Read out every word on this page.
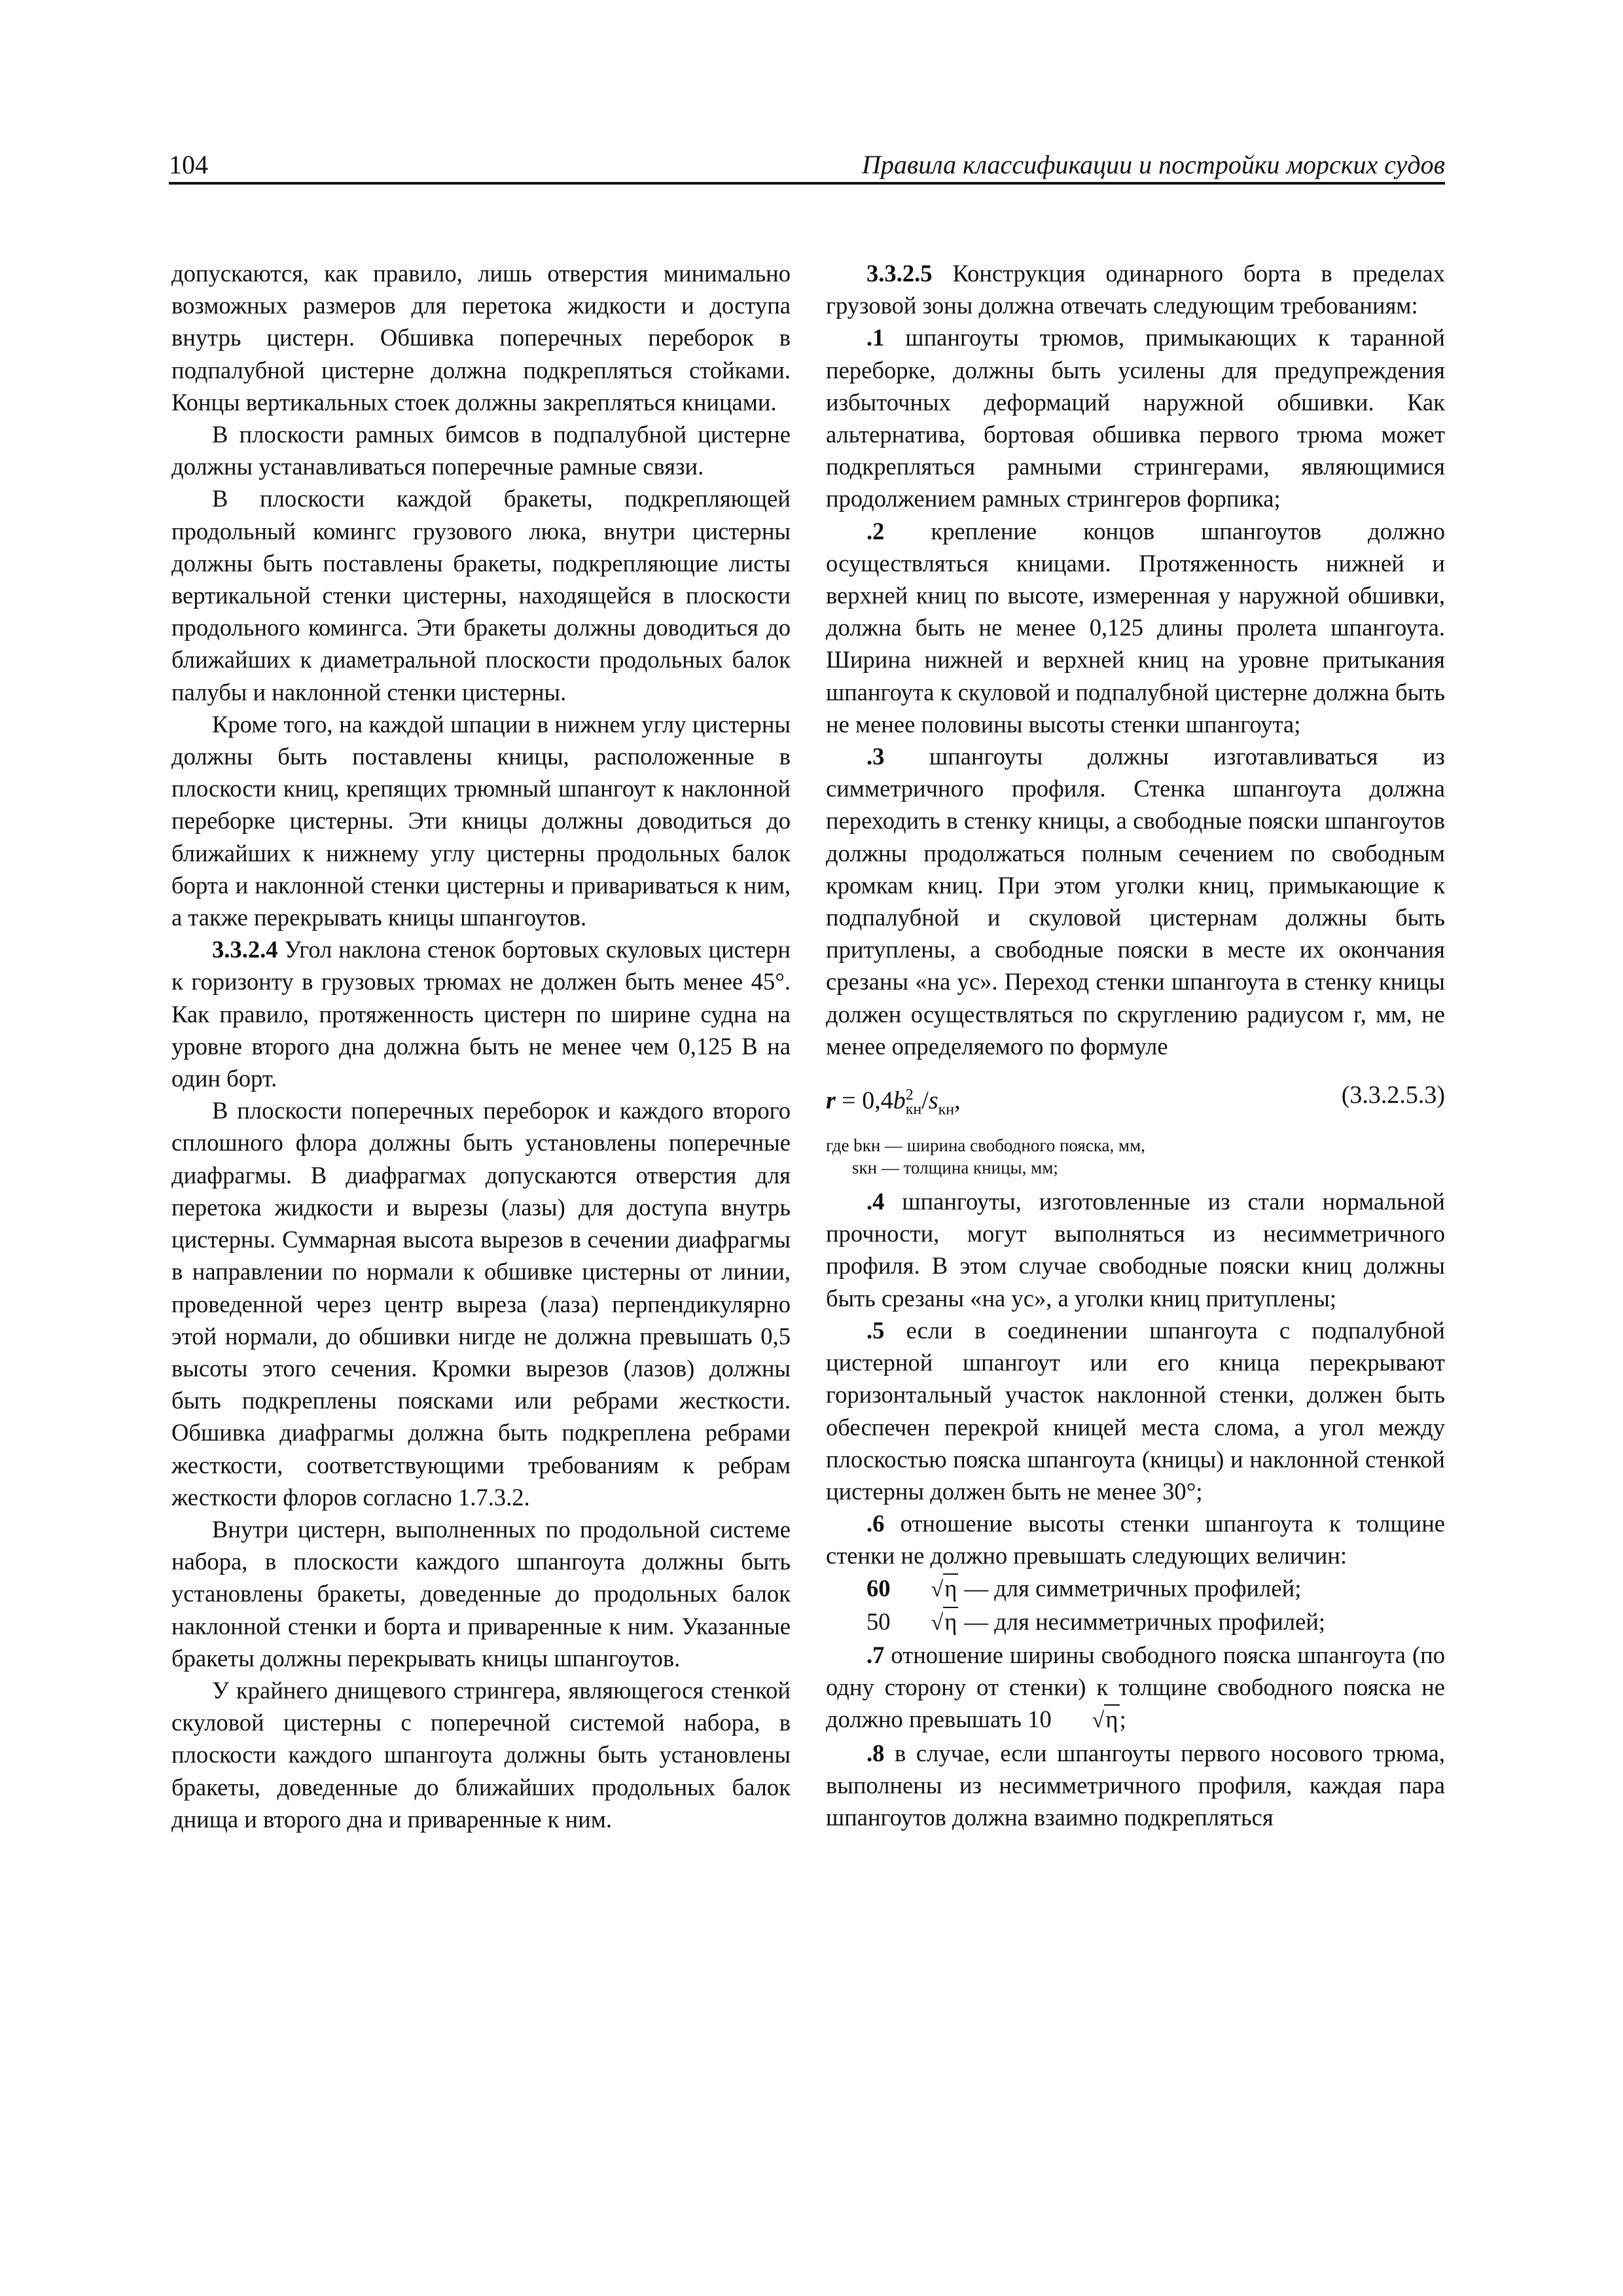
104	Правила классификации и постройки морских судов

допускаются, как правило, лишь отверстия минимально возможных размеров для перетока жидкости и доступа внутрь цистерн. Обшивка поперечных переборок в подпалубной цистерне должна подкрепляться стойками. Концы вертикальных стоек должны закрепляться кницами.

В плоскости рамных бимсов в подпалубной цистерне должны устанавливаться поперечные рамные связи.

В плоскости каждой бракеты, подкрепляющей продольный комингс грузового люка, внутри цистерны должны быть поставлены бракеты, подкрепляющие листы вертикальной стенки цистерны, находящейся в плоскости продольного комингса. Эти бракеты должны доводиться до ближайших к диаметральной плоскости продольных балок палубы и наклонной стенки цистерны.

Кроме того, на каждой шпации в нижнем углу цистерны должны быть поставлены кницы, расположенные в плоскости книц, крепящих трюмный шпангоут к наклонной переборке цистерны. Эти кницы должны доводиться до ближайших к нижнему углу цистерны продольных балок борта и наклонной стенки цистерны и привариваться к ним, а также перекрывать кницы шпангоутов.

3.3.2.4 Угол наклона стенок бортовых скуловых цистерн к горизонту в грузовых трюмах не должен быть менее 45°. Как правило, протяженность цистерн по ширине судна на уровне второго дна должна быть не менее чем 0,125 B на один борт.

В плоскости поперечных переборок и каждого второго сплошного флора должны быть установлены поперечные диафрагмы. В диафрагмах допускаются отверстия для перетока жидкости и вырезы (лазы) для доступа внутрь цистерны. Суммарная высота вырезов в сечении диафрагмы в направлении по нормали к обшивке цистерны от линии, проведенной через центр выреза (лаза) перпендикулярно этой нормали, до обшивки нигде не должна превышать 0,5 высоты этого сечения. Кромки вырезов (лазов) должны быть подкреплены поясками или ребрами жесткости. Обшивка диафрагмы должна быть подкреплена ребрами жесткости, соответствующими требованиям к ребрам жесткости флоров согласно 1.7.3.2.

Внутри цистерн, выполненных по продольной системе набора, в плоскости каждого шпангоута должны быть установлены бракеты, доведенные до продольных балок наклонной стенки и борта и приваренные к ним. Указанные бракеты должны перекрывать кницы шпангоутов.

У крайнего днищевого стрингера, являющегося стенкой скуловой цистерны с поперечной системой набора, в плоскости каждого шпангоута должны быть установлены бракеты, доведенные до ближайших продольных балок днища и второго дна и приваренные к ним.

3.3.2.5 Конструкция одинарного борта в пределах грузовой зоны должна отвечать следующим требованиям:

.1 шпангоуты трюмов, примыкающих к таранной переборке, должны быть усилены для предупреждения избыточных деформаций наружной обшивки. Как альтернатива, бортовая обшивка первого трюма может подкрепляться рамными стрингерами, являющимися продолжением рамных стрингеров форпика;

.2 крепление концов шпангоутов должно осуществляться кницами. Протяженность нижней и верхней книц по высоте, измеренная у наружной обшивки, должна быть не менее 0,125 длины пролета шпангоута. Ширина нижней и верхней книц на уровне притыкания шпангоута к скуловой и подпалубной цистерне должна быть не менее половины высоты стенки шпангоута;

.3 шпангоуты должны изготавливаться из симметричного профиля. Стенка шпангоута должна переходить в стенку кницы, а свободные пояски шпангоутов должны продолжаться полным сечением по свободным кромкам книц. При этом уголки книц, примыкающие к подпалубной и скуловой цистернам должны быть притуплены, а свободные пояски в месте их окончания срезаны «на ус». Переход стенки шпангоута в стенку кницы должен осуществляться по скруглению радиусом r, мм, не менее определяемого по формуле

$r = 0,4b^2_{кн}/s_{кн}$,	(3.3.2.5.3)
где bкн — ширина свободного пояска, мм,
sкн — толщина кницы, мм;

.4 шпангоуты, изготовленные из стали нормальной прочности, могут выполняться из несимметричного профиля. В этом случае свободные пояски книц должны быть срезаны «на ус», а уголки книц притуплены;

.5 если в соединении шпангоута с подпалубной цистерной шпангоут или его кница перекрывают горизонтальный участок наклонной стенки, должен быть обеспечен перекрой кницей места слома, а угол между плоскостью пояска шпангоута (кницы) и наклонной стенкой цистерны должен быть не менее 30°;

.6 отношение высоты стенки шпангоута к толщине стенки не должно превышать следующих величин:

60 √η — для симметричных профилей;

50 √η — для несимметричных профилей;

.7 отношение ширины свободного пояска шпангоута (по одну сторону от стенки) к толщине свободного пояска не должно превышать 10 √η;

.8 в случае, если шпангоуты первого носового трюма, выполнены из несимметричного профиля, каждая пара шпангоутов должна взаимно подкрепляться
